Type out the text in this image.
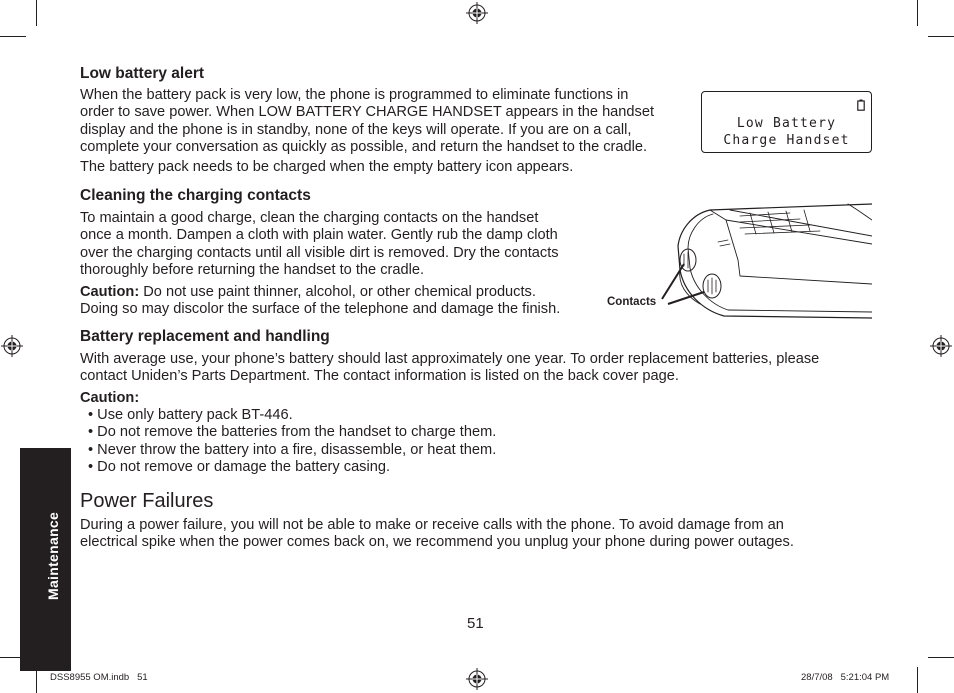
Low battery alert
When the battery pack is very low, the phone is programmed to eliminate functions in
order to save power. When LOW BATTERY CHARGE HANDSET appears in the handset
display and the phone is in standby, none of the keys will operate. If you are on a call,
complete your conversation as quickly as possible, and return the handset to the cradle.
The battery pack needs to be charged when the empty battery icon appears.
Low Battery
Charge Handset
Cleaning the charging contacts
To maintain a good charge, clean the charging contacts on the handset
once a month. Dampen a cloth with plain water. Gently rub the damp cloth
over the charging contacts until all visible dirt is removed. Dry the contacts
thoroughly before returning the handset to the cradle.
Caution: Do not use paint thinner, alcohol, or other chemical products.
Doing so may discolor the surface of the telephone and damage the finish.	Contacts
Battery replacement and handling
With average use, your phone’s battery should last approximately one year. To order replacement batteries, please
contact Uniden’s Parts Department. The contact information is listed on the back cover page.
Caution:
• Use only battery pack BT-446.
• Do not remove the batteries from the handset to charge them.
• Never throw the battery into a fire, disassemble, or heat them.
• Do not remove or damage the battery casing.
Power Failures
During a power failure, you will not be able to make or receive calls with the phone. To avoid damage from an
electrical spike when the power comes back on, we recommend you unplug your phone during power outages.
Maintenance
51
DSS8955 OM.indb   51	28/7/08   5:21:04 PM
